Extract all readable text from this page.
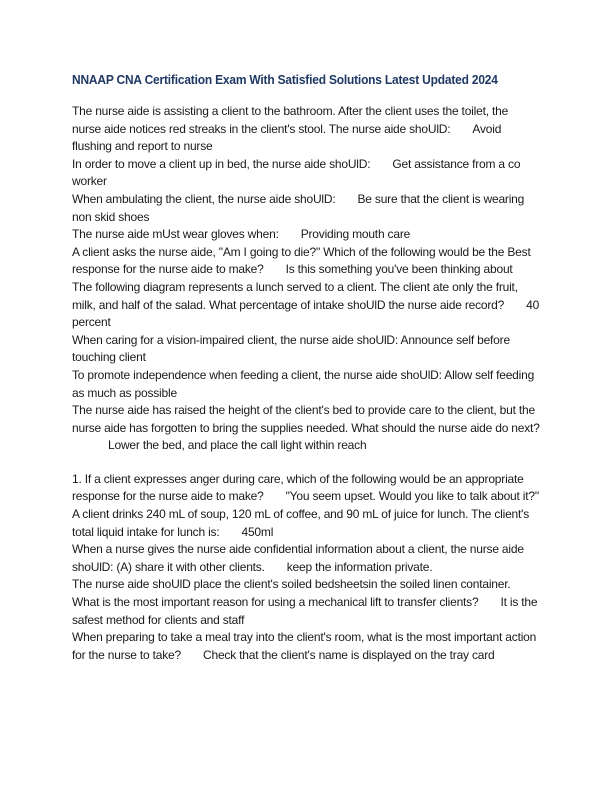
NNAAP CNA Certification Exam With Satisfied Solutions Latest Updated 2024

The nurse aide is assisting a client to the bathroom. After the client uses the toilet, the nurse aide notices red streaks in the client's stool. The nurse aide shoUlD: Avoid flushing and report to nurse

In order to move a client up in bed, the nurse aide shoUlD: Get assistance from a co worker

When ambulating the client, the nurse aide shoUlD: Be sure that the client is wearing non skid shoes

The nurse aide mUst wear gloves when: Providing mouth care

A client asks the nurse aide, "Am I going to die?" Which of the following would be the Best response for the nurse aide to make? Is this something you've been thinking about

The following diagram represents a lunch served to a client. The client ate only the fruit, milk, and half of the salad. What percentage of intake shoUlD the nurse aide record? 40 percent

When caring for a vision-impaired client, the nurse aide shoUlD: Announce self before touching client

To promote independence when feeding a client, the nurse aide shoUlD: Allow self feeding as much as possible

The nurse aide has raised the height of the client's bed to provide care to the client, but the nurse aide has forgotten to bring the supplies needed. What should the nurse aide do next?
Lower the bed, and place the call light within reach

1. If a client expresses anger during care, which of the following would be an appropriate response for the nurse aide to make? "You seem upset. Would you like to talk about it?"

A client drinks 240 mL of soup, 120 mL of coffee, and 90 mL of juice for lunch. The client's total liquid intake for lunch is: 450ml

When a nurse gives the nurse aide confidential information about a client, the nurse aide shoUlD: (A) share it with other clients. keep the information private.

The nurse aide shoUlD place the client's soiled bedsheetsin the soiled linen container.

What is the most important reason for using a mechanical lift to transfer clients? It is the safest method for clients and staff

When preparing to take a meal tray into the client's room, what is the most important action for the nurse to take? Check that the client's name is displayed on the tray card
